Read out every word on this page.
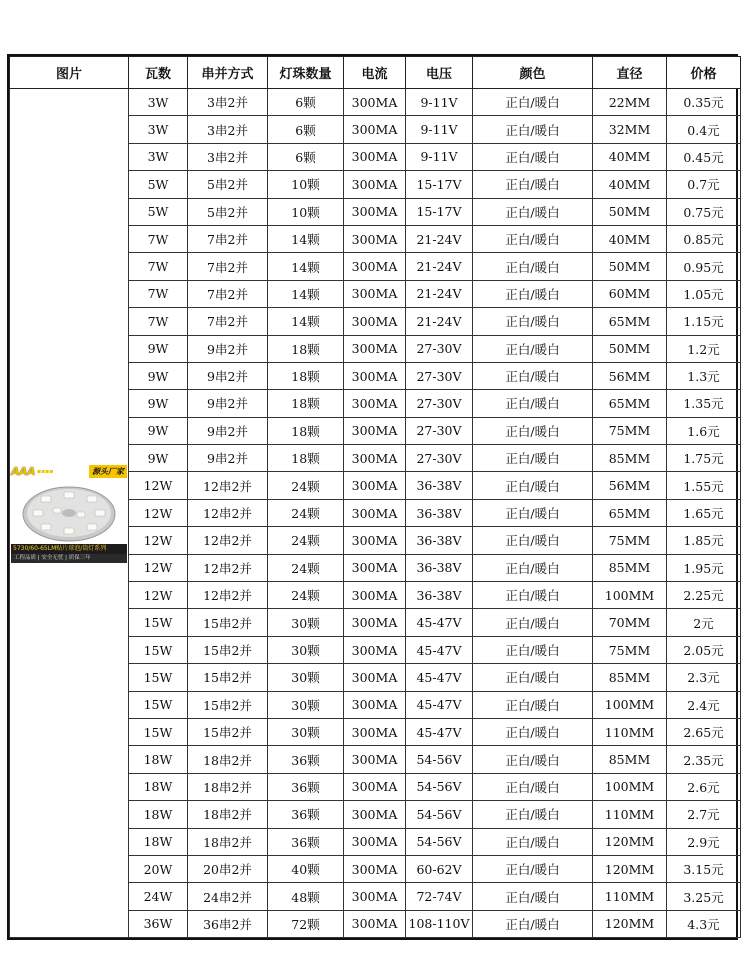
图片	瓦数	串并方式	灯珠数量	电流	电压	颜色	直径	价格

AAA ▪▪▪▪ 源头厂家
5730/60-65LM贴片球泡/筒灯系列
工程品质 | 安全无忧 | 质保三年	3W	3串2并	6颗	300MA	9-11V	正白/暖白	22MM	0.35元
	3W	3串2并	6颗	300MA	9-11V	正白/暖白	32MM	0.4元
	3W	3串2并	6颗	300MA	9-11V	正白/暖白	40MM	0.45元
	5W	5串2并	10颗	300MA	15-17V	正白/暖白	40MM	0.7元
	5W	5串2并	10颗	300MA	15-17V	正白/暖白	50MM	0.75元
	7W	7串2并	14颗	300MA	21-24V	正白/暖白	40MM	0.85元
	7W	7串2并	14颗	300MA	21-24V	正白/暖白	50MM	0.95元
	7W	7串2并	14颗	300MA	21-24V	正白/暖白	60MM	1.05元
	7W	7串2并	14颗	300MA	21-24V	正白/暖白	65MM	1.15元
	9W	9串2并	18颗	300MA	27-30V	正白/暖白	50MM	1.2元
	9W	9串2并	18颗	300MA	27-30V	正白/暖白	56MM	1.3元
	9W	9串2并	18颗	300MA	27-30V	正白/暖白	65MM	1.35元
	9W	9串2并	18颗	300MA	27-30V	正白/暖白	75MM	1.6元
	9W	9串2并	18颗	300MA	27-30V	正白/暖白	85MM	1.75元
	12W	12串2并	24颗	300MA	36-38V	正白/暖白	56MM	1.55元
	12W	12串2并	24颗	300MA	36-38V	正白/暖白	65MM	1.65元
	12W	12串2并	24颗	300MA	36-38V	正白/暖白	75MM	1.85元
	12W	12串2并	24颗	300MA	36-38V	正白/暖白	85MM	1.95元
	12W	12串2并	24颗	300MA	36-38V	正白/暖白	100MM	2.25元
	15W	15串2并	30颗	300MA	45-47V	正白/暖白	70MM	2元
	15W	15串2并	30颗	300MA	45-47V	正白/暖白	75MM	2.05元
	15W	15串2并	30颗	300MA	45-47V	正白/暖白	85MM	2.3元
	15W	15串2并	30颗	300MA	45-47V	正白/暖白	100MM	2.4元
	15W	15串2并	30颗	300MA	45-47V	正白/暖白	110MM	2.65元
	18W	18串2并	36颗	300MA	54-56V	正白/暖白	85MM	2.35元
	18W	18串2并	36颗	300MA	54-56V	正白/暖白	100MM	2.6元
	18W	18串2并	36颗	300MA	54-56V	正白/暖白	110MM	2.7元
	18W	18串2并	36颗	300MA	54-56V	正白/暖白	120MM	2.9元
	20W	20串2并	40颗	300MA	60-62V	正白/暖白	120MM	3.15元
	24W	24串2并	48颗	300MA	72-74V	正白/暖白	110MM	3.25元
	36W	36串2并	72颗	300MA	108-110V	正白/暖白	120MM	4.3元
